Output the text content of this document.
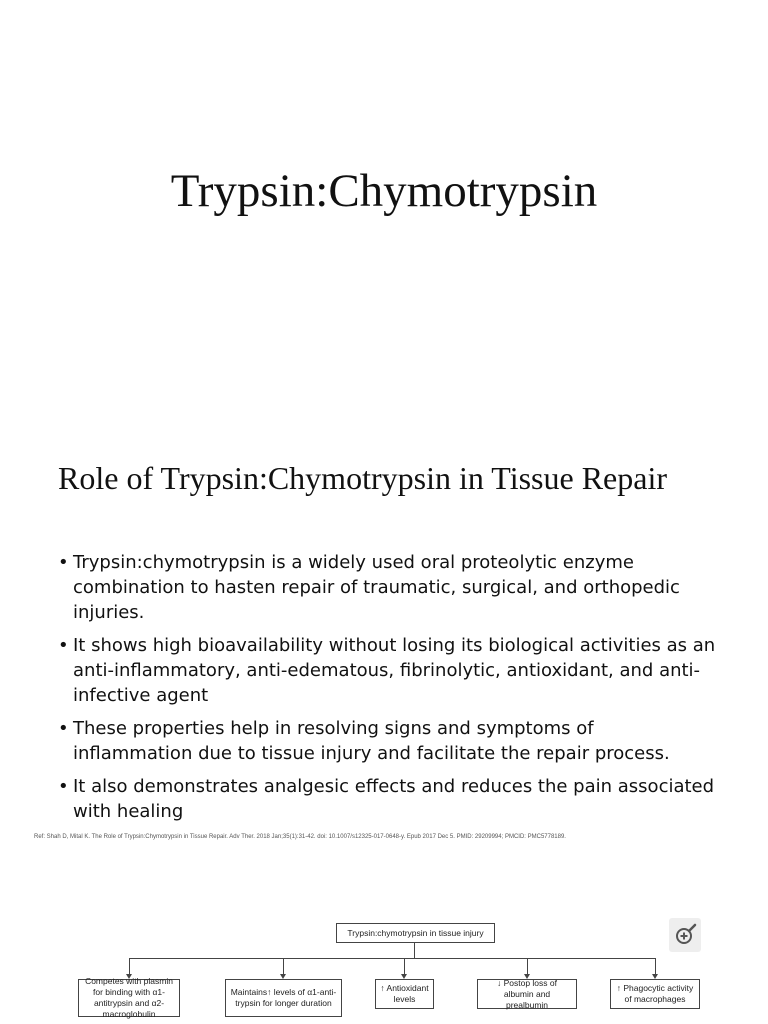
Trypsin:Chymotrypsin
Role of Trypsin:Chymotrypsin in Tissue Repair
• Trypsin:chymotrypsin is a widely used oral proteolytic enzyme combination to hasten repair of traumatic, surgical, and orthopedic injuries.
• It shows high bioavailability without losing its biological activities as an anti-inflammatory, anti-edematous, fibrinolytic, antioxidant, and anti-infective agent
• These properties help in resolving signs and symptoms of inflammation due to tissue injury and facilitate the repair process.
• It also demonstrates analgesic effects and reduces the pain associated with healing
Ref: Shah D, Mital K. The Role of Trypsin:Chymotrypsin in Tissue Repair. Adv Ther. 2018 Jan;35(1):31-42. doi: 10.1007/s12325-017-0648-y. Epub 2017 Dec 5. PMID: 29209994; PMCID: PMC5778189.
Trypsin:chymotrypsin in tissue injury
Competes with plasmin for binding with α1-antitrypsin and α2-macroglobulin
Maintains↑ levels of α1-anti-trypsin for longer duration
↑ Antioxidant levels
↓ Postop loss of albumin and prealbumin
↑ Phagocytic activity of macrophages
